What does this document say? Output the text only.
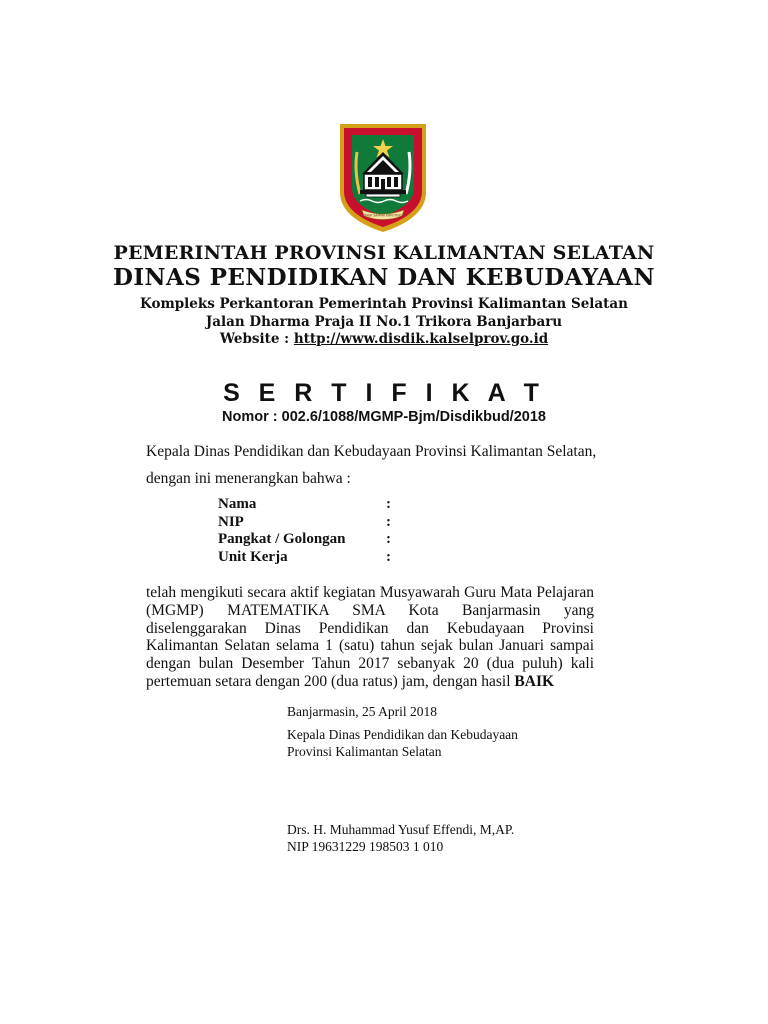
WAJA SAMPAI KAPUTING
PEMERINTAH PROVINSI KALIMANTAN SELATAN
DINAS PENDIDIKAN DAN KEBUDAYAAN
Kompleks Perkantoran Pemerintah Provinsi Kalimantan Selatan
Jalan Dharma Praja II No.1 Trikora Banjarbaru
Website : http://www.disdik.kalselprov.go.id
S E R T I F I K A T
Nomor : 002.6/1088/MGMP-Bjm/Disdikbud/2018
Kepala Dinas Pendidikan dan Kebudayaan Provinsi Kalimantan Selatan, dengan ini menerangkan bahwa :
Nama	:
NIP	:
Pangkat / Golongan	:
Unit Kerja	:
telah mengikuti secara aktif kegiatan Musyawarah Guru Mata Pelajaran (MGMP) MATEMATIKA SMA Kota Banjarmasin yang diselenggarakan Dinas Pendidikan dan Kebudayaan Provinsi Kalimantan Selatan selama 1 (satu) tahun sejak bulan Januari sampai dengan bulan Desember Tahun 2017 sebanyak 20 (dua puluh) kali pertemuan setara dengan 200 (dua ratus) jam, dengan hasil BAIK
Banjarmasin, 25 April 2018
Kepala Dinas Pendidikan dan Kebudayaan
Provinsi Kalimantan Selatan
Drs. H. Muhammad Yusuf Effendi, M,AP.
NIP 19631229 198503 1 010
